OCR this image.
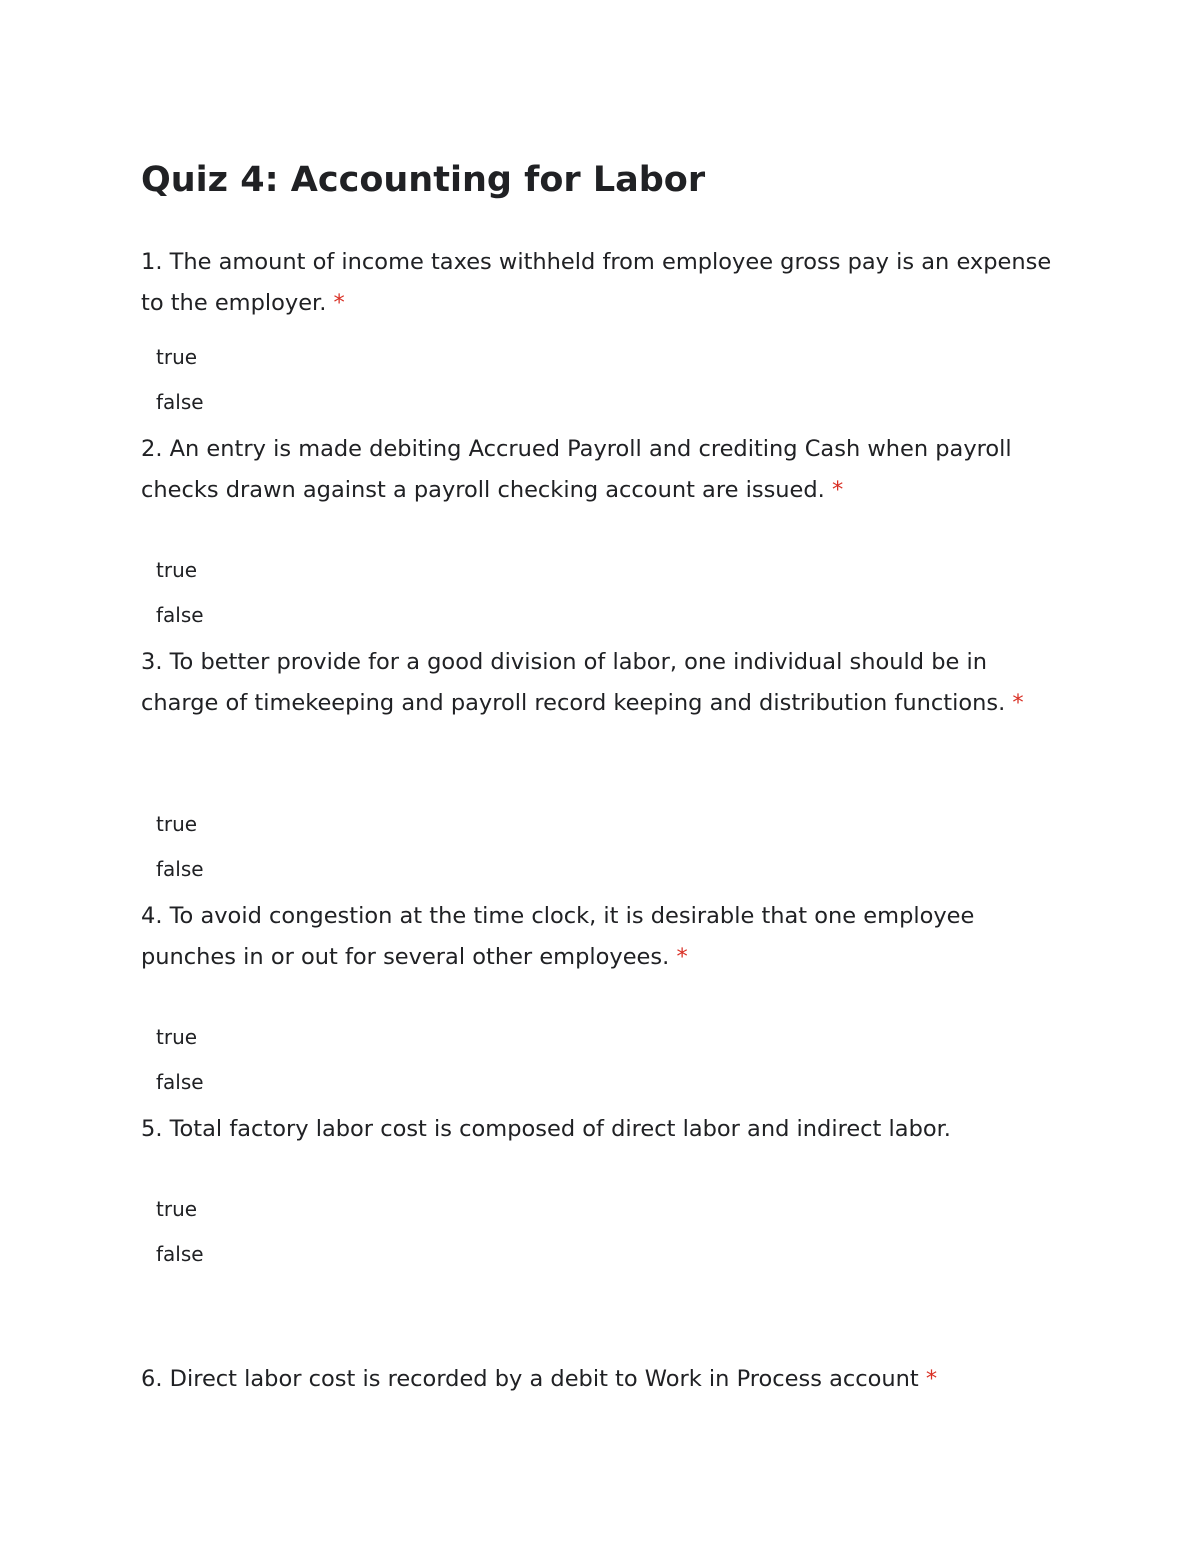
Quiz 4: Accounting for Labor

1. The amount of income taxes withheld from employee gross pay is an expense to the employer. *

true
false

2. An entry is made debiting Accrued Payroll and crediting Cash when payroll checks drawn against a payroll checking account are issued. *

true
false

3. To better provide for a good division of labor, one individual should be in charge of timekeeping and payroll record keeping and distribution functions. *

true
false

4. To avoid congestion at the time clock, it is desirable that one employee punches in or out for several other employees. *

true
false

5. Total factory labor cost is composed of direct labor and indirect labor.

true
false

6. Direct labor cost is recorded by a debit to Work in Process account *
